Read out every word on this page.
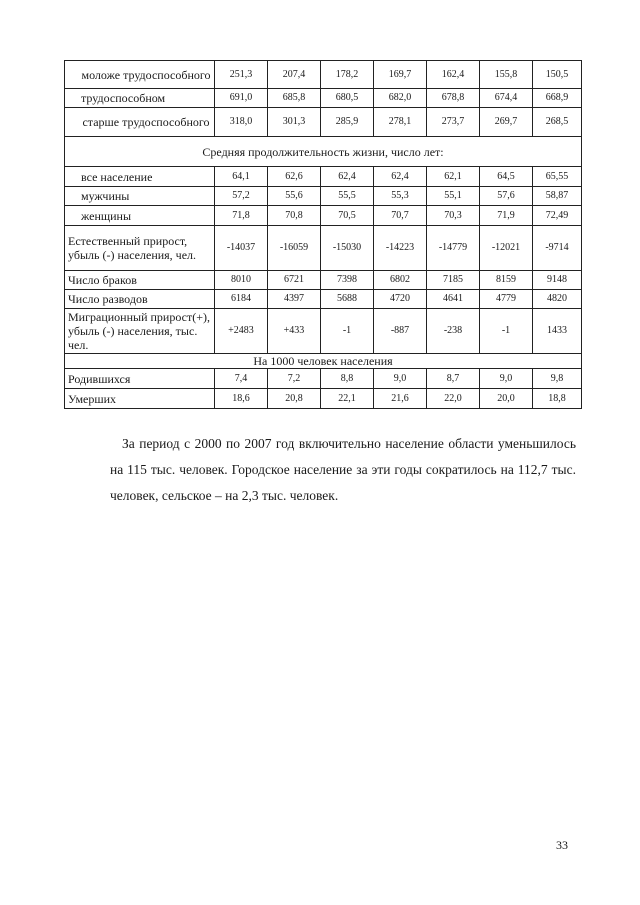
моложе трудоспособного	251,3	207,4	178,2	169,7	162,4	155,8	150,5
трудоспособном	691,0	685,8	680,5	682,0	678,8	674,4	668,9
старше трудоспособного	318,0	301,3	285,9	278,1	273,7	269,7	268,5
Средняя продолжительность жизни, число лет:							
все население	64,1	62,6	62,4	62,4	62,1	64,5	65,55
мужчины	57,2	55,6	55,5	55,3	55,1	57,6	58,87
женщины	71,8	70,8	70,5	70,7	70,3	71,9	72,49
Естественный прирост, убыль (-) населения, чел.	-14037	-16059	-15030	-14223	-14779	-12021	-9714
Число браков	8010	6721	7398	6802	7185	8159	9148
Число разводов	6184	4397	5688	4720	4641	4779	4820
Миграционный прирост(+), убыль (-) населения, тыс. чел.	+2483	+433	-1	-887	-238	-1	1433
На 1000 человек населения							
Родившихся	7,4	7,2	8,8	9,0	8,7	9,0	9,8
Умерших	18,6	20,8	22,1	21,6	22,0	20,0	18,8

За период с 2000 по 2007 год включительно население области уменьшилось на 115 тыс. человек. Городское население за эти годы сократилось на 112,7 тыс. человек, сельское – на 2,3 тыс. человек.

33
